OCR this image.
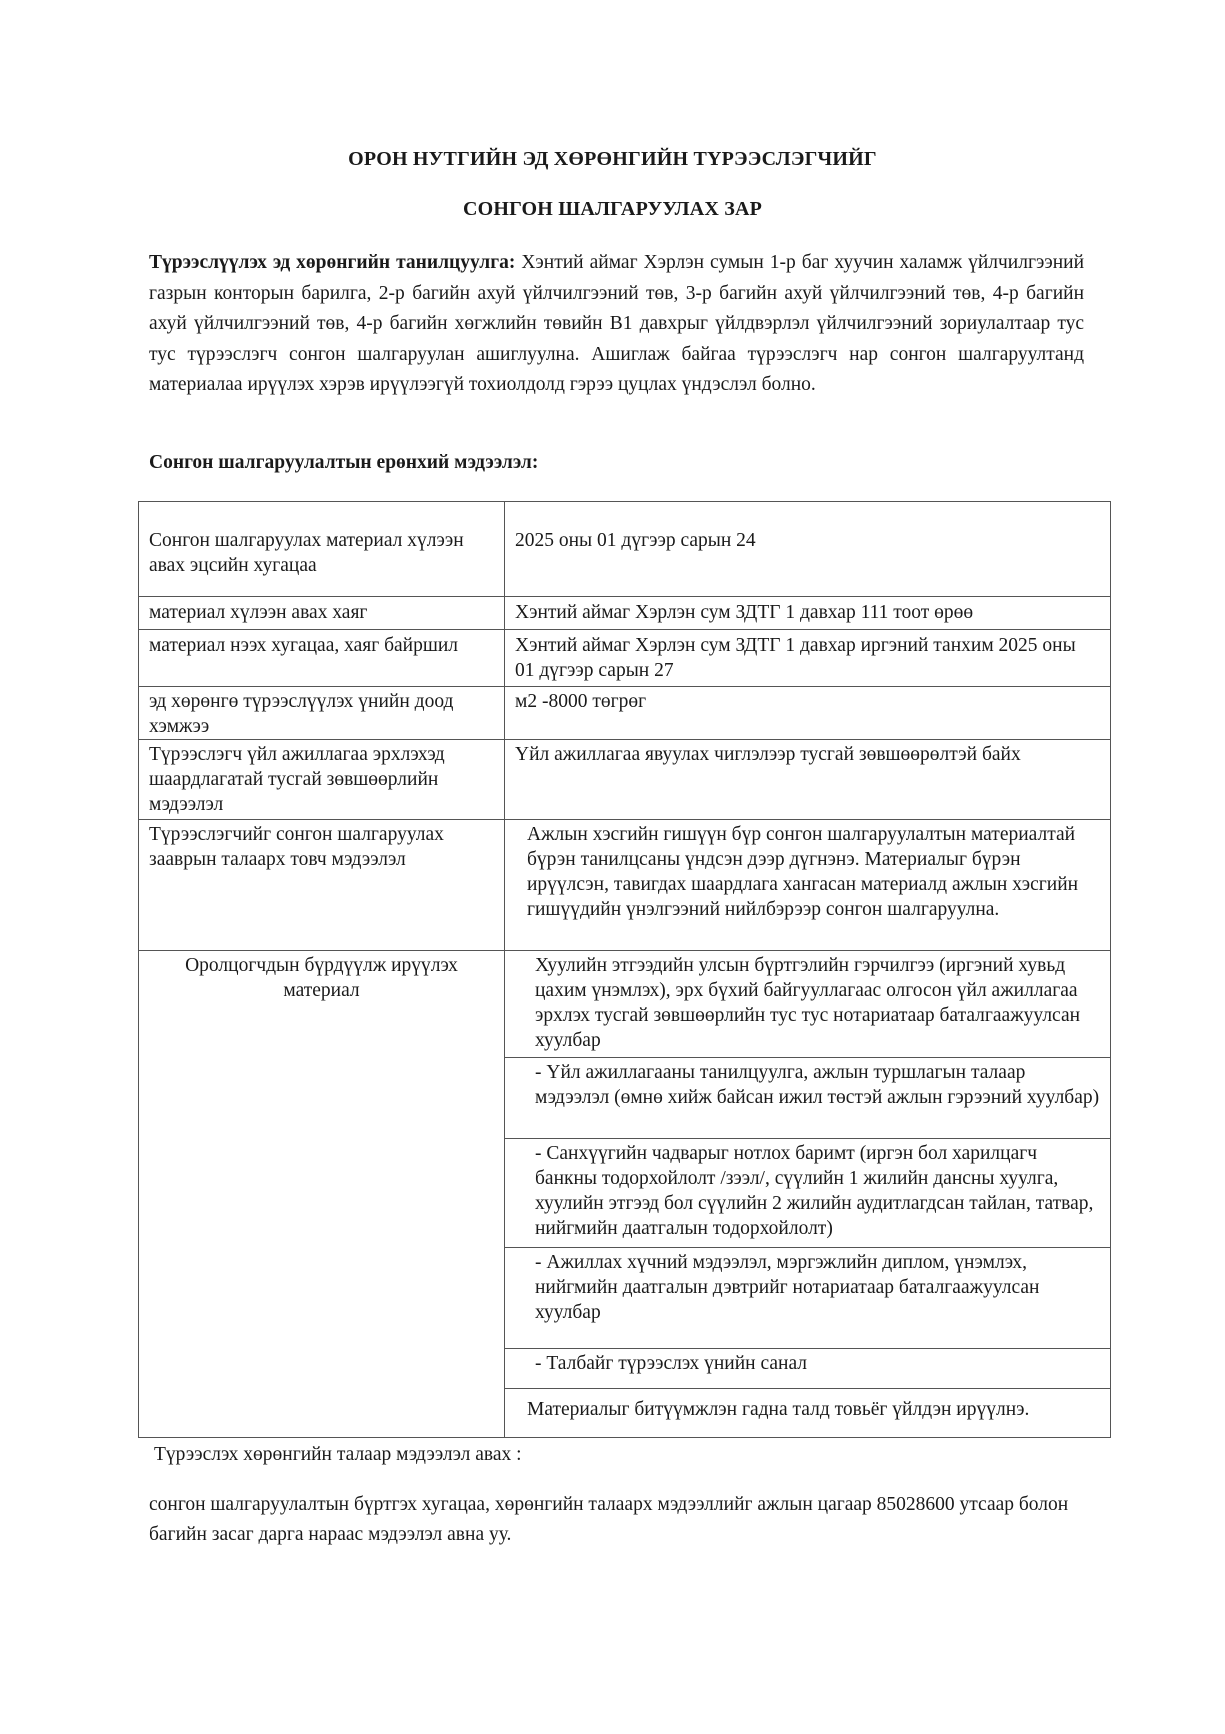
ОРОН НУТГИЙН ЭД ХӨРӨНГИЙН ТҮРЭЭСЛЭГЧИЙГ
СОНГОН ШАЛГАРУУЛАХ ЗАР
Түрээслүүлэх эд хөрөнгийн танилцуулга: Хэнтий аймаг Хэрлэн сумын 1-р баг хуучин халамж үйлчилгээний газрын конторын барилга, 2-р багийн ахуй үйлчилгээний төв, 3-р багийн ахуй үйлчилгээний төв, 4-р багийн ахуй үйлчилгээний төв, 4-р багийн хөгжлийн төвийн B1 давхрыг үйлдвэрлэл үйлчилгээний зориулалтаар тус тус түрээслэгч сонгон шалгаруулан ашиглуулна. Ашиглаж байгаа түрээслэгч нар сонгон шалгаруултанд материалаа ирүүлэх хэрэв ирүүлээгүй тохиолдолд гэрээ цуцлах үндэслэл болно.
Сонгон шалгаруулалтын ерөнхий мэдээлэл:
Сонгон шалгаруулах материал хүлээн авах эцсийн хугацаа	2025 оны 01 дүгээр сарын 24
материал хүлээн авах хаяг	Хэнтий аймаг Хэрлэн сум ЗДТГ 1 давхар 111 тоот өрөө
материал нээх хугацаа, хаяг байршил	Хэнтий аймаг Хэрлэн сум ЗДТГ 1 давхар иргэний танхим 2025 оны 01 дүгээр сарын 27
эд хөрөнгө түрээслүүлэх үнийн доод хэмжээ	м2 -8000 төгрөг
Түрээслэгч үйл ажиллагаа эрхлэхэд шаардлагатай тусгай зөвшөөрлийн мэдээлэл	Үйл ажиллагаа явуулах чиглэлээр тусгай зөвшөөрөлтэй байх
Түрээслэгчийг сонгон шалгаруулах зааврын талаарх товч мэдээлэл	Ажлын хэсгийн гишүүн бүр сонгон шалгаруулалтын материалтай бүрэн танилцсаны үндсэн дээр дүгнэнэ. Материалыг бүрэн ирүүлсэн, тавигдах шаардлага хангасан материалд ажлын хэсгийн гишүүдийн үнэлгээний нийлбэрээр сонгон шалгаруулна.
Оролцогчдын бүрдүүлж ирүүлэх материал	Хуулийн этгээдийн улсын бүртгэлийн гэрчилгээ (иргэний хувьд цахим үнэмлэх), эрх бүхий байгууллагаас олгосон үйл ажиллагаа эрхлэх тусгай зөвшөөрлийн тус тус нотариатаар баталгаажуулсан хуулбар
	- Үйл ажиллагааны танилцуулга, ажлын туршлагын талаар мэдээлэл (өмнө хийж байсан ижил төстэй ажлын гэрээний хуулбар)
	- Санхүүгийн чадварыг нотлох баримт (иргэн бол харилцагч банкны тодорхойлолт /зээл/, сүүлийн 1 жилийн дансны хуулга, хуулийн этгээд бол сүүлийн 2 жилийн аудитлагдсан тайлан, татвар, нийгмийн даатгалын тодорхойлолт)
	- Ажиллах хүчний мэдээлэл, мэргэжлийн диплом, үнэмлэх, нийгмийн даатгалын дэвтрийг нотариатаар баталгаажуулсан хуулбар
	- Талбайг түрээслэх үнийн санал
	Материалыг битүүмжлэн гадна талд товьёг үйлдэн ирүүлнэ.
Түрээслэх хөрөнгийн талаар мэдээлэл авах :
сонгон шалгаруулалтын бүртгэх хугацаа, хөрөнгийн талаарх мэдээллийг ажлын цагаар 85028600 утсаар болон багийн засаг дарга нараас мэдээлэл авна уу.
